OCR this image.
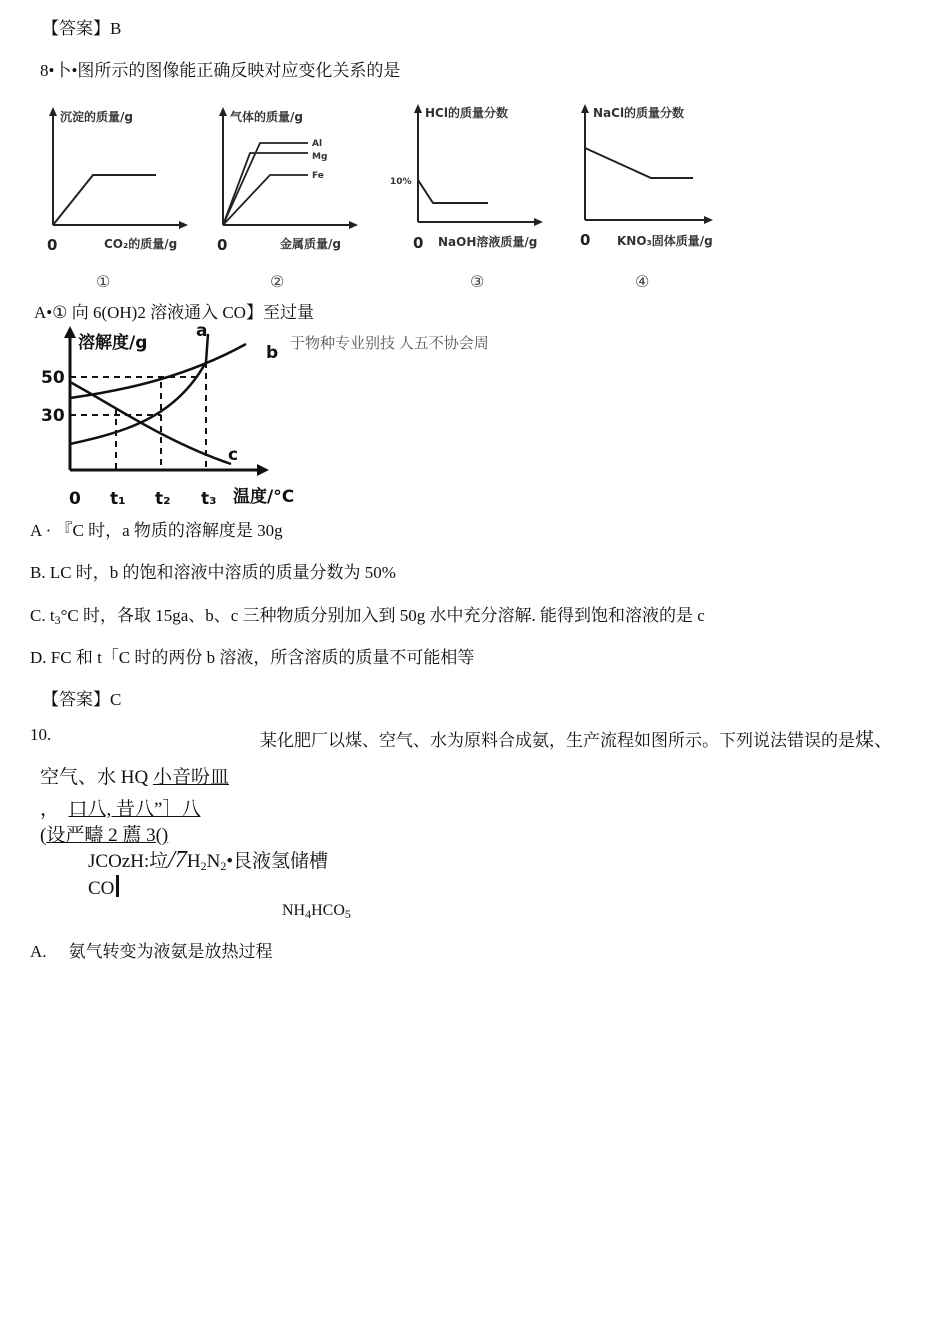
【答案】B
8•卜•图所示的图像能正确反映对应变化关系的是
沉淀的质量/g
0	CO₂的质量/g
①
Al
Mg
Fe
气体的质量/g
0	金属质量/g
②
10%
HCl的质量分数
0 NaOH溶液质量/g
③
NaCl的质量分数
0 KNO₃固体质量/g
④
A•① 向 6(OH)2 溶液通入 CO】至过量
于物种专业别技 人五不协会周
溶解度/g
50
30
0 t₁ t₂ t₃ 温度/°C
a
b
c
A · 『C 时，a 物质的溶解度是 30g
B. LC 时，b 的饱和溶液中溶质的质量分数为 50%
C. $t_3^\circ C$ 时，各取 15ga、b、c 三种物质分别加入到 50g 水中充分溶解. 能得到饱和溶液的是 c
D. FC 和 t「C 时的两份 b 溶液，所含溶质的质量不可能相等
【答案】C
10.	某化肥厂以煤、空气、水为原料合成氨，生产流程如图所示。下列说法错误的是煤、
空气、水 HQ 小音吩皿
， 口八, 昔八”］八
(设严疇 2 薦 3()
JCOzH:垃$/7H_2N_2•$艮液氢储槽
CO
$NH_4HCO_5$
A. 氨气转变为液氨是放热过程
